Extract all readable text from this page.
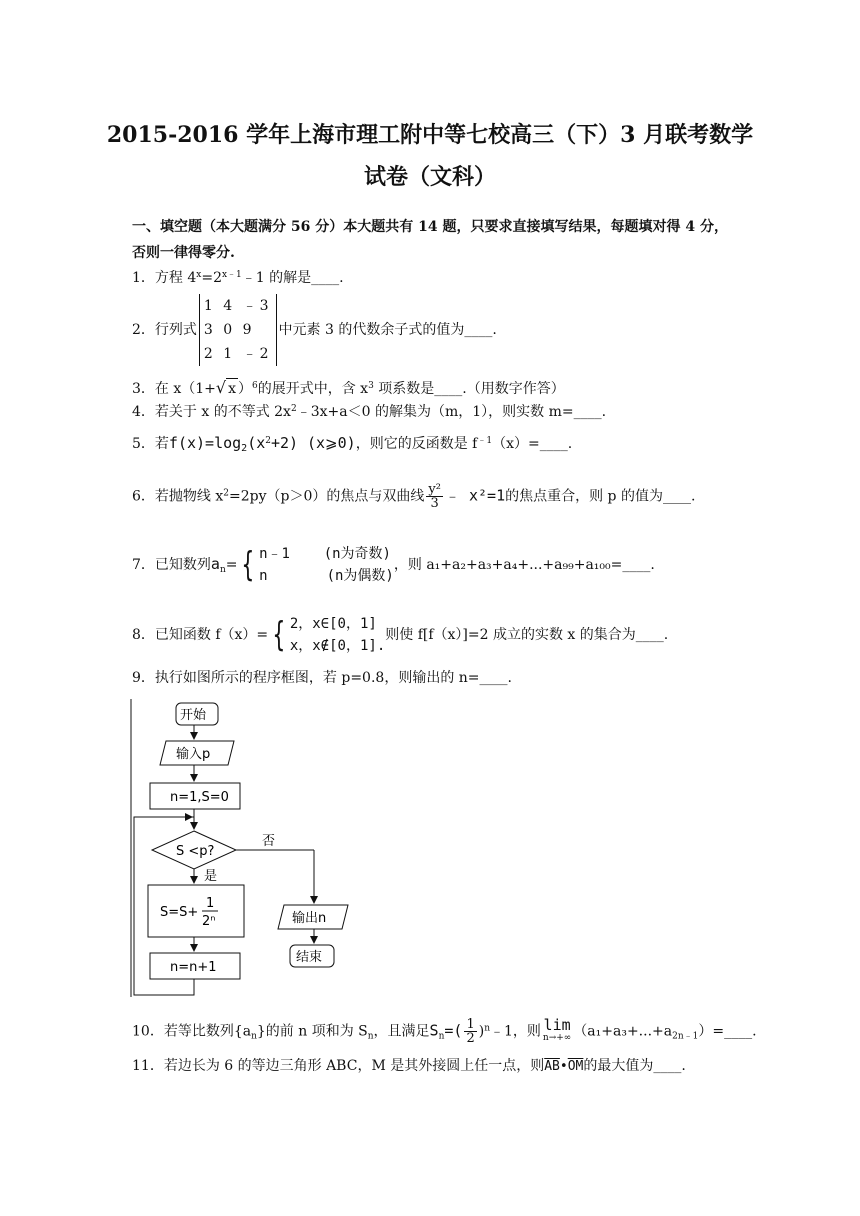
2015-2016 学年上海市理工附中等七校高三（下）3 月联考数学
试卷（文科）
一、填空题（本大题满分 56 分）本大题共有 14 题，只要求直接填写结果，每题填对得 4 分，否则一律得零分.
1．方程 $4^x=2^{x﹣1}﹣1$ 的解是____.
2．行列式
1 4 ﹣3
3 0 9
2 1 ﹣2
中元素 3 的代数余子式的值为____.
3．在 x（1+√ x ）$^6$的展开式中，含 $x^3$ 项系数是____.（用数字作答）
4．若关于 x 的不等式 $2x^2﹣3x+a<0$ 的解集为（m，1），则实数 m=____.
5．若$f(x)=\log_2(x^2+2)$ (x⩾0)，则它的反函数是 $f^{﹣1}(x)=\_\_\_\_$.
6．若抛物线 $x^2=2py(p>0)$的焦点与双曲线 $\frac{\text{y²}}{3}$ ﹣ x²=1的焦点重合，则 p 的值为____.
7．已知数列$a_n=$ { n﹣1 (n为奇数)
n	(n为偶数)
，则 a₁+a₂+a₃+a₄+...+a₉₉+a₁₀₀=____.
8．已知函数 f（x）= { 2，x∈[0，1]
x，x∉[0，1].
则使 f[f（x）]=2 成立的实数 x 的集合为____.
9．执行如图所示的程序框图，若 p=0.8，则输出的 n=____.
开始
输入p
n=1,S=0
S <p?
否
是
S=S+
1
2ⁿ
n=n+1
输出n
结束
10．若等比数列$\{a_n\}$的前 n 项和为 $S_n$，且满足$S_n=( \frac{1}{2}$ )$^n﹣1$，则 lim
n→+∞ $(a_1+a_3+...+a_{2n﹣1})=\_\_\_\_$.
11．若边长为 6 的等边三角形 ABC，M 是其外接圆上任一点，则$\overline{AB}•\overline{OM}$的最大值为____.
